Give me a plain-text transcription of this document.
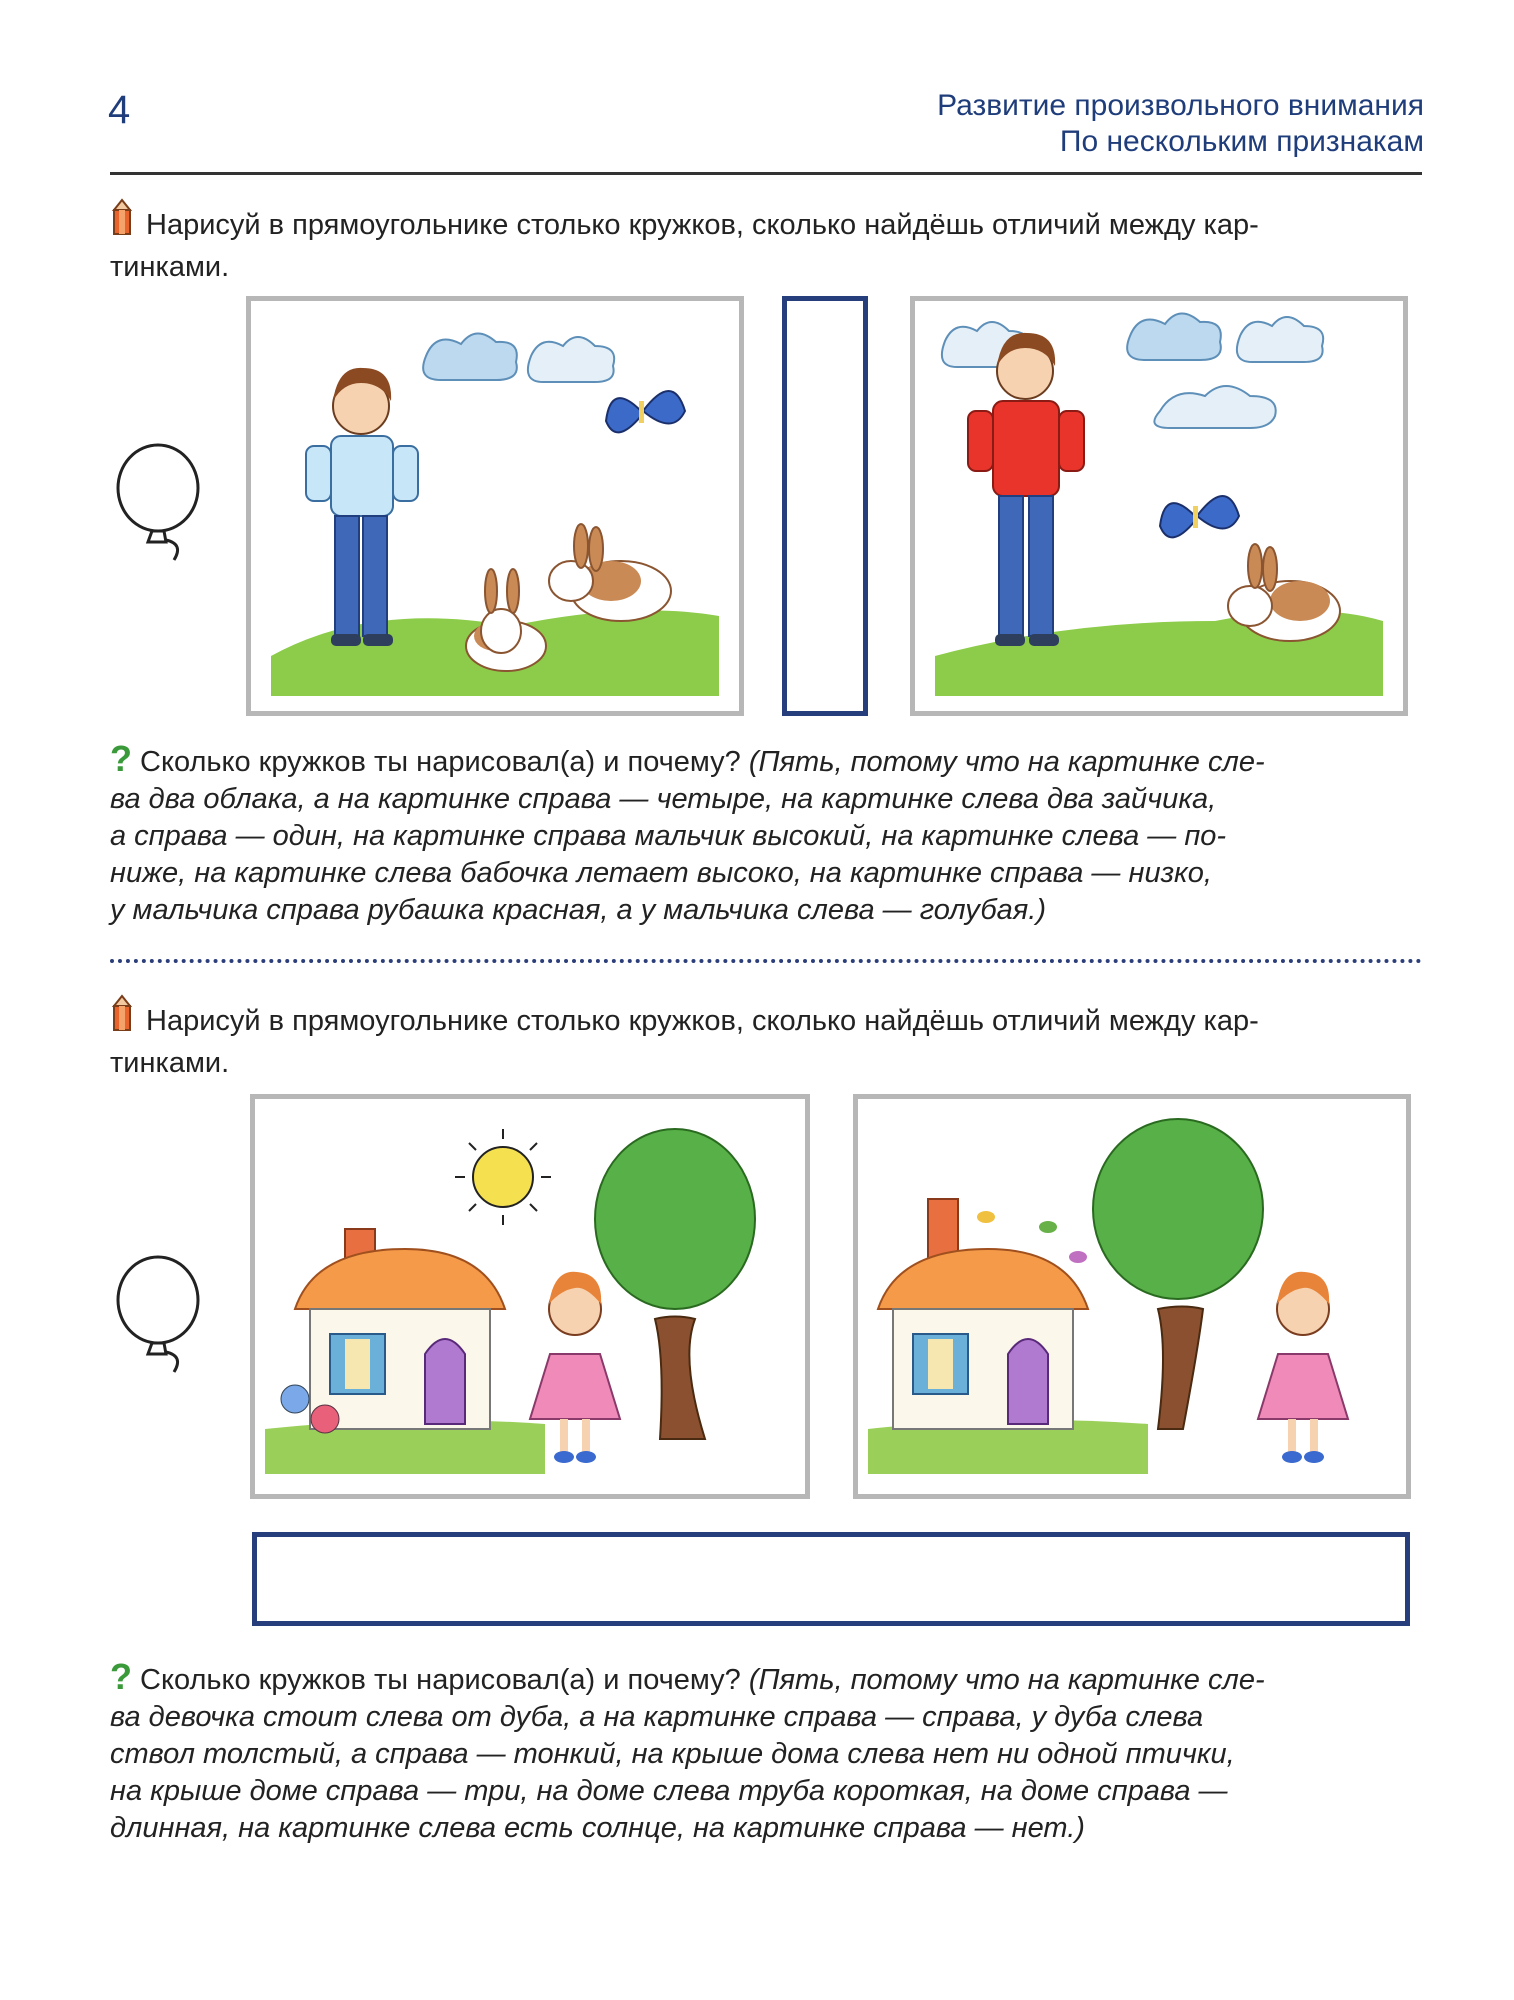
4	Развитие произвольного внимания
По нескольким признакам
Нарисуй в прямоугольнике столько кружков, сколько найдёшь отличий между кар-
тинками.
? Сколько кружков ты нарисовал(а) и почему? (Пять, потому что на картинке сле-
ва два облака, а на картинке справа — четыре, на картинке слева два зайчика,
а справа — один, на картинке справа мальчик высокий, на картинке слева — по-
ниже, на картинке слева бабочка летает высоко, на картинке справа — низко,
у мальчика справа рубашка красная, а у мальчика слева — голубая.)
Нарисуй в прямоугольнике столько кружков, сколько найдёшь отличий между кар-
тинками.
? Сколько кружков ты нарисовал(а) и почему? (Пять, потому что на картинке сле-
ва девочка стоит слева от дуба, а на картинке справа — справа, у дуба слева
ствол толстый, а справа — тонкий, на крыше дома слева нет ни одной птички,
на крыше доме справа — три, на доме слева труба короткая, на доме справа —
длинная, на картинке слева есть солнце, на картинке справа — нет.)
